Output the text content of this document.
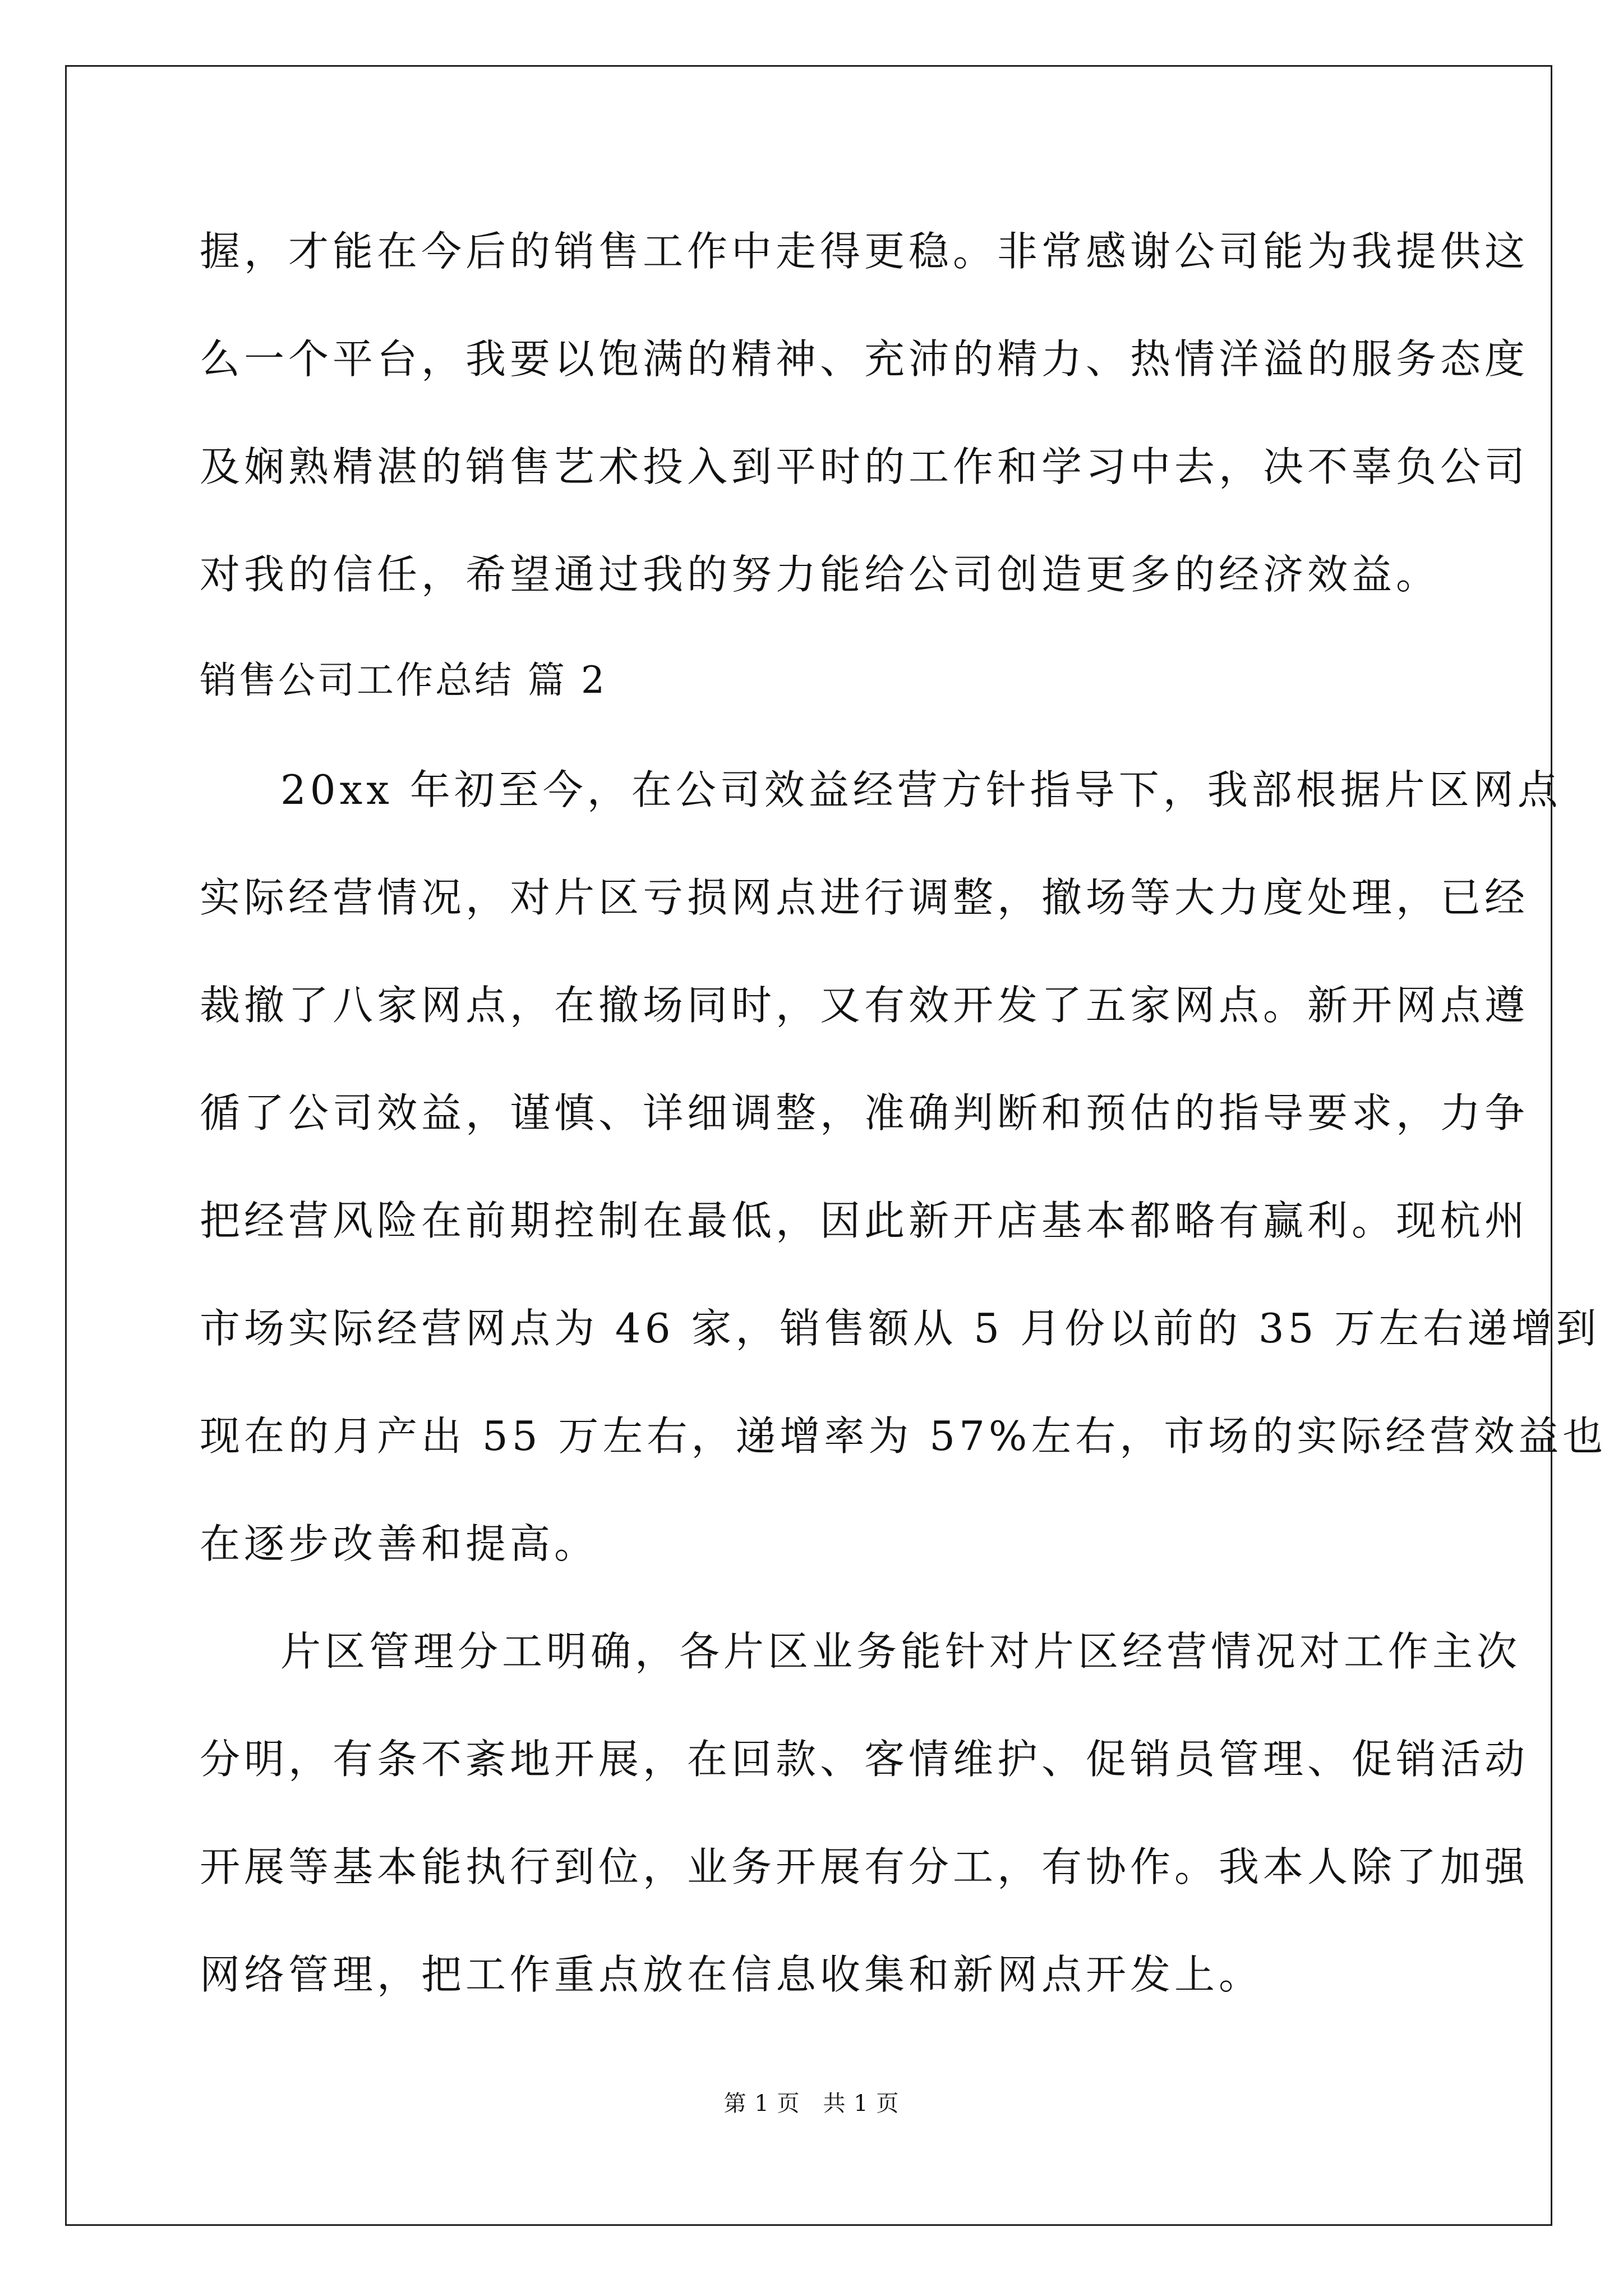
握，才能在今后的销售工作中走得更稳。非常感谢公司能为我提供这
么一个平台，我要以饱满的精神、充沛的精力、热情洋溢的服务态度
及娴熟精湛的销售艺术投入到平时的工作和学习中去，决不辜负公司
对我的信任，希望通过我的努力能给公司创造更多的经济效益。
销售公司工作总结 篇 2
20xx 年初至今，在公司效益经营方针指导下，我部根据片区网点
实际经营情况，对片区亏损网点进行调整，撤场等大力度处理，已经
裁撤了八家网点，在撤场同时，又有效开发了五家网点。新开网点遵
循了公司效益，谨慎、详细调整，准确判断和预估的指导要求，力争
把经营风险在前期控制在最低，因此新开店基本都略有赢利。现杭州
市场实际经营网点为 46 家，销售额从 5 月份以前的 35 万左右递增到
现在的月产出 55 万左右，递增率为 57%左右，市场的实际经营效益也
在逐步改善和提高。
片区管理分工明确，各片区业务能针对片区经营情况对工作主次
分明，有条不紊地开展，在回款、客情维护、促销员管理、促销活动
开展等基本能执行到位，业务开展有分工，有协作。我本人除了加强
网络管理，把工作重点放在信息收集和新网点开发上。
第 1 页　共 1 页
